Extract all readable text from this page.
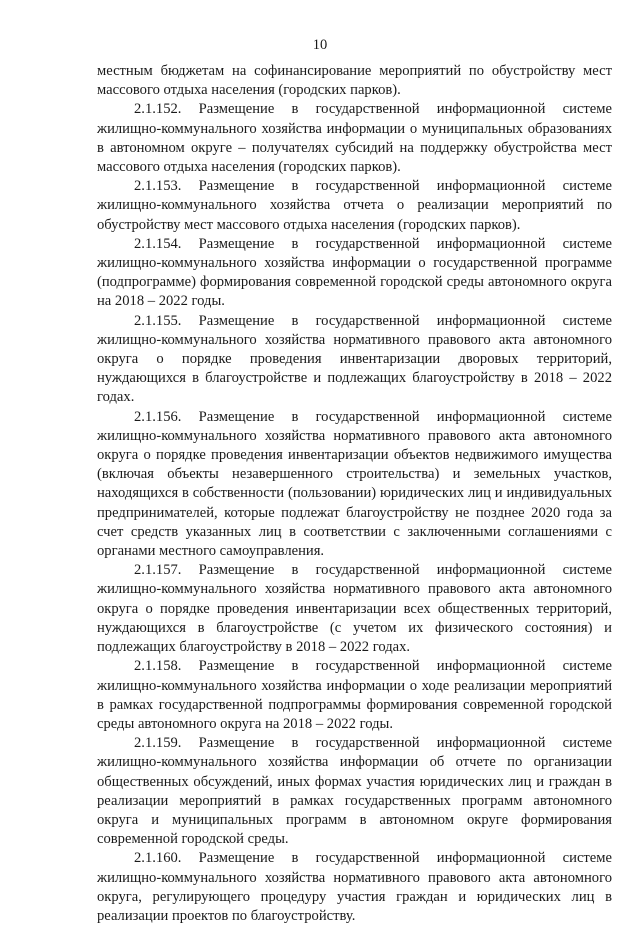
10

местным бюджетам на софинансирование мероприятий по обустройству мест массового отдыха населения (городских парков).

2.1.152. Размещение в государственной информационной системе жилищно-коммунального хозяйства информации о муниципальных образованиях в автономном округе – получателях субсидий на поддержку обустройства мест массового отдыха населения (городских парков).

2.1.153. Размещение в государственной информационной системе жилищно-коммунального хозяйства отчета о реализации мероприятий по обустройству мест массового отдыха населения (городских парков).

2.1.154. Размещение в государственной информационной системе жилищно-коммунального хозяйства информации о государственной программе (подпрограмме) формирования современной городской среды автономного округа на 2018 – 2022 годы.

2.1.155. Размещение в государственной информационной системе жилищно-коммунального хозяйства нормативного правового акта автономного округа о порядке проведения инвентаризации дворовых территорий, нуждающихся в благоустройстве и подлежащих благоустройству в 2018 – 2022 годах.

2.1.156. Размещение в государственной информационной системе жилищно-коммунального хозяйства нормативного правового акта автономного округа о порядке проведения инвентаризации объектов недвижимого имущества (включая объекты незавершенного строительства) и земельных участков, находящихся в собственности (пользовании) юридических лиц и индивидуальных предпринимателей, которые подлежат благоустройству не позднее 2020 года за счет средств указанных лиц в соответствии с заключенными соглашениями с органами местного самоуправления.

2.1.157. Размещение в государственной информационной системе жилищно-коммунального хозяйства нормативного правового акта автономного округа о порядке проведения инвентаризации всех общественных территорий, нуждающихся в благоустройстве (с учетом их физического состояния) и подлежащих благоустройству в 2018 – 2022 годах.

2.1.158. Размещение в государственной информационной системе жилищно-коммунального хозяйства информации о ходе реализации мероприятий в рамках государственной подпрограммы формирования современной городской среды автономного округа на 2018 – 2022 годы.

2.1.159. Размещение в государственной информационной системе жилищно-коммунального хозяйства информации об отчете по организации общественных обсуждений, иных формах участия юридических лиц и граждан в реализации мероприятий в рамках государственных программ автономного округа и муниципальных программ в автономном округе формирования современной городской среды.

2.1.160. Размещение в государственной информационной системе жилищно-коммунального хозяйства нормативного правового акта автономного округа, регулирующего процедуру участия граждан и юридических лиц в реализации проектов по благоустройству.
